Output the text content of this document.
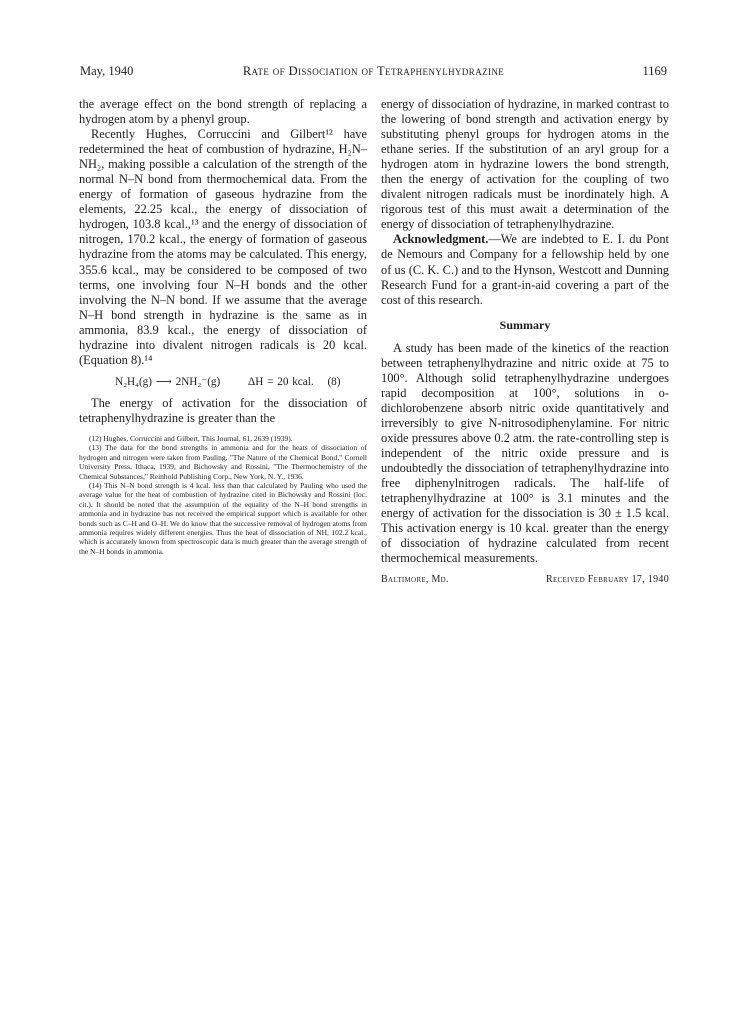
May, 1940	Rate of Dissociation of Tetraphenylhydrazine	1169

the average effect on the bond strength of replacing a hydrogen atom by a phenyl group.

Recently Hughes, Corruccini and Gilbert¹² have redetermined the heat of combustion of hydrazine, H₂N–NH₂, making possible a calculation of the strength of the normal N–N bond from thermochemical data. From the energy of formation of gaseous hydrazine from the elements, 22.25 kcal., the energy of dissociation of hydrogen, 103.8 kcal.,¹³ and the energy of dissociation of nitrogen, 170.2 kcal., the energy of formation of gaseous hydrazine from the atoms may be calculated. This energy, 355.6 kcal., may be considered to be composed of two terms, one involving four N–H bonds and the other involving the N–N bond. If we assume that the average N–H bond strength in hydrazine is the same as in ammonia, 83.9 kcal., the energy of dissociation of hydrazine into divalent nitrogen radicals is 20 kcal. (Equation 8).¹⁴

N₂H₄(g) ⟶ 2NH₂⁻(g) ΔH = 20 kcal. (8)

The energy of activation for the dissociation of tetraphenylhydrazine is greater than the

(12) Hughes, Corruccini and Gilbert, This Journal, 61, 2639 (1939).

(13) The data for the bond strengths in ammonia and for the heats of dissociation of hydrogen and nitrogen were taken from Pauling, "The Nature of the Chemical Bond," Cornell University Press, Ithaca, 1939, and Bichowsky and Rossini, "The Thermochemistry of the Chemical Substances," Reinhold Publishing Corp., New York, N. Y., 1936.

(14) This N–N bond strength is 4 kcal. less than that calculated by Pauling who used the average value for the heat of combustion of hydrazine cited in Bichowsky and Rossini (loc. cit.). It should be noted that the assumption of the equality of the N–H bond strengths in ammonia and in hydrazine has not received the empirical support which is available for other bonds such as C–H and O–H. We do know that the successive removal of hydrogen atoms from ammonia requires widely different energies. Thus the heat of dissociation of NH, 102.2 kcal., which is accurately known from spectroscopic data is much greater than the average strength of the N–H bonds in ammonia.

energy of dissociation of hydrazine, in marked contrast to the lowering of bond strength and activation energy by substituting phenyl groups for hydrogen atoms in the ethane series. If the substitution of an aryl group for a hydrogen atom in hydrazine lowers the bond strength, then the energy of activation for the coupling of two divalent nitrogen radicals must be inordinately high. A rigorous test of this must await a determination of the energy of dissociation of tetraphenylhydrazine.

Acknowledgment.—We are indebted to E. I. du Pont de Nemours and Company for a fellowship held by one of us (C. K. C.) and to the Hynson, Westcott and Dunning Research Fund for a grant-in-aid covering a part of the cost of this research.

Summary

A study has been made of the kinetics of the reaction between tetraphenylhydrazine and nitric oxide at 75 to 100°. Although solid tetraphenylhydrazine undergoes rapid decomposition at 100°, solutions in o-dichlorobenzene absorb nitric oxide quantitatively and irreversibly to give N-nitrosodiphenylamine. For nitric oxide pressures above 0.2 atm. the rate-controlling step is independent of the nitric oxide pressure and is undoubtedly the dissociation of tetraphenylhydrazine into free diphenylnitrogen radicals. The half-life of tetraphenylhydrazine at 100° is 3.1 minutes and the energy of activation for the dissociation is 30 ± 1.5 kcal. This activation energy is 10 kcal. greater than the energy of dissociation of hydrazine calculated from recent thermochemical measurements.

Baltimore, Md.	Received February 17, 1940
